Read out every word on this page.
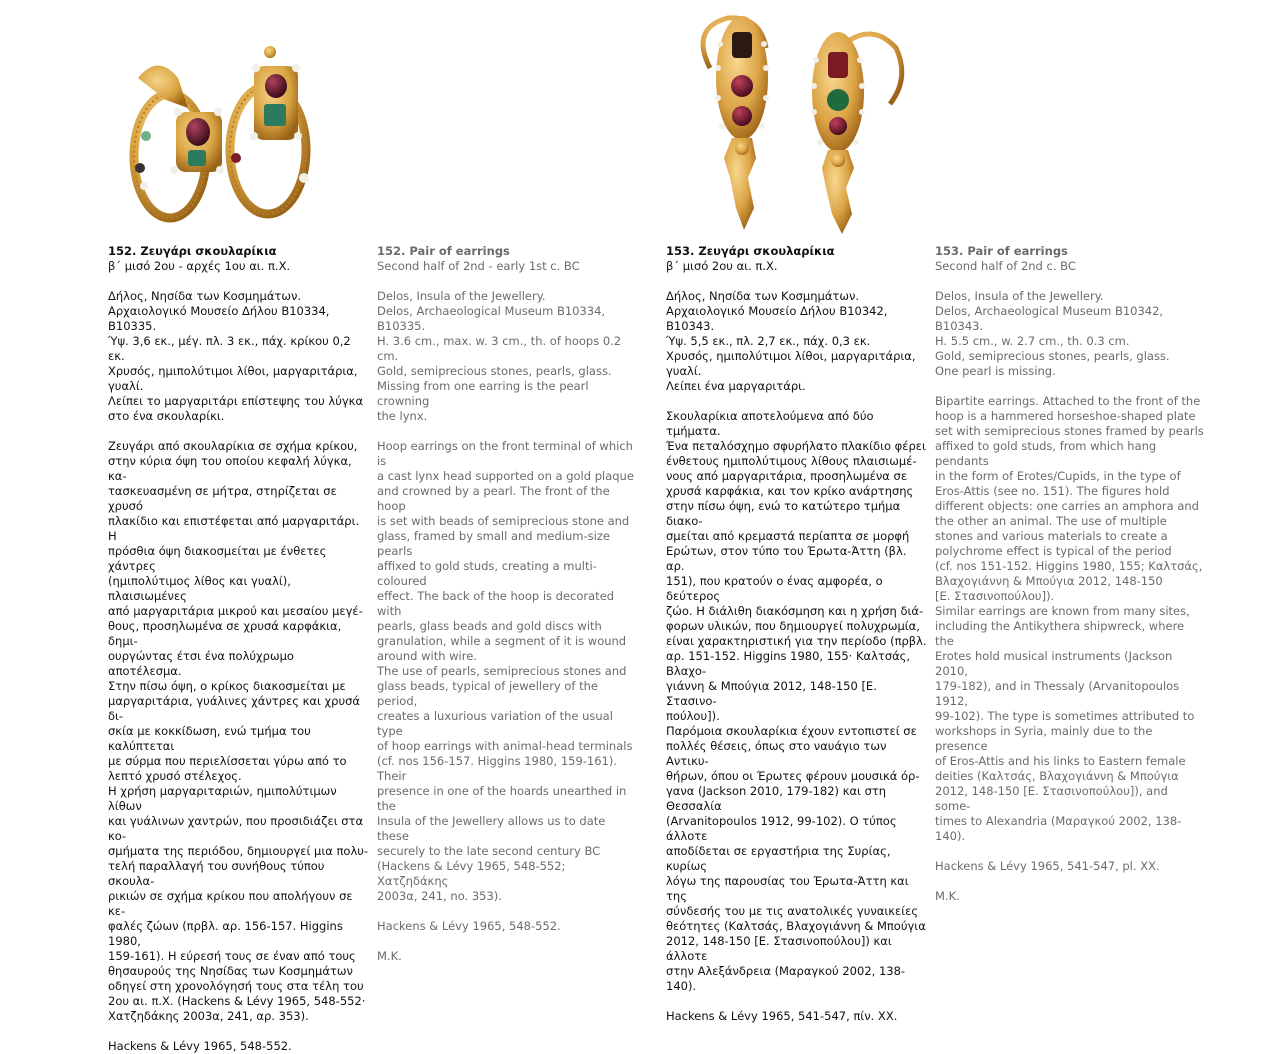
152. Ζευγάρι σκουλαρίκια
β΄ μισό 2ου - αρχές 1ου αι. π.Χ.
Δήλος, Νησίδα των Κοσμημάτων.
Αρχαιολογικό Μουσείο Δήλου Β10334, Β10335.
Ύψ. 3,6 εκ., μέγ. πλ. 3 εκ., πάχ. κρίκου 0,2 εκ.
Χρυσός, ημιπολύτιμοι λίθοι, μαργαριτάρια, γυαλί.
Λείπει το μαργαριτάρι επίστεψης του λύγκα
στο ένα σκουλαρίκι.
Ζευγάρι από σκουλαρίκια σε σχήμα κρίκου,
στην κύρια όψη του οποίου κεφαλή λύγκα, κα-
τασκευασμένη σε μήτρα, στηρίζεται σε χρυσό
πλακίδιο και επιστέφεται από μαργαριτάρι. Η
πρόσθια όψη διακοσμείται με ένθετες χάντρες
(ημιπολύτιμος λίθος και γυαλί), πλαισιωμένες
από μαργαριτάρια μικρού και μεσαίου μεγέ-
θους, προσηλωμένα σε χρυσά καρφάκια, δημι-
ουργώντας έτσι ένα πολύχρωμο αποτέλεσμα.
Στην πίσω όψη, ο κρίκος διακοσμείται με
μαργαριτάρια, γυάλινες χάντρες και χρυσά δι-
σκία με κοκκίδωση, ενώ τμήμα του καλύπτεται
με σύρμα που περιελίσσεται γύρω από το
λεπτό χρυσό στέλεχος.
Η χρήση μαργαριταριών, ημιπολύτιμων λίθων
και γυάλινων χαντρών, που προσιδιάζει στα κο-
σμήματα της περιόδου, δημιουργεί μια πολυ-
τελή παραλλαγή του συνήθους τύπου σκουλα-
ρικιών σε σχήμα κρίκου που απολήγουν σε κε-
φαλές ζώων (πρβλ. αρ. 156-157. Higgins 1980,
159-161). Η εύρεσή τους σε έναν από τους
θησαυρούς της Νησίδας των Κοσμημάτων
οδηγεί στη χρονολόγησή τους στα τέλη του
2ου αι. π.Χ. (Hackens & Lévy 1965, 548-552·
Χατζηδάκης 2003α, 241, αρ. 353).
Hackens & Lévy 1965, 548-552.
152. Pair of earrings
Second half of 2nd - early 1st c. BC
Delos, Insula of the Jewellery.
Delos, Archaeological Museum B10334, B10335.
H. 3.6 cm., max. w. 3 cm., th. of hoops 0.2 cm.
Gold, semiprecious stones, pearls, glass.
Missing from one earring is the pearl crowning
the lynx.
Hoop earrings on the front terminal of which is
a cast lynx head supported on a gold plaque
and crowned by a pearl. The front of the hoop
is set with beads of semiprecious stone and
glass, framed by small and medium-size pearls
affixed to gold studs, creating a multi-coloured
effect. The back of the hoop is decorated with
pearls, glass beads and gold discs with
granulation, while a segment of it is wound
around with wire.
The use of pearls, semiprecious stones and
glass beads, typical of jewellery of the period,
creates a luxurious variation of the usual type
of hoop earrings with animal-head terminals
(cf. nos 156-157. Higgins 1980, 159-161). Their
presence in one of the hoards unearthed in the
Insula of the Jewellery allows us to date these
securely to the late second century BC
(Hackens & Lévy 1965, 548-552; Χατζηδάκης
2003α, 241, no. 353).
Hackens & Lévy 1965, 548-552.
M.K.
153. Ζευγάρι σκουλαρίκια
β΄ μισό 2ου αι. π.Χ.
Δήλος, Νησίδα των Κοσμημάτων.
Αρχαιολογικό Μουσείο Δήλου Β10342, Β10343.
Ύψ. 5,5 εκ., πλ. 2,7 εκ., πάχ. 0,3 εκ.
Χρυσός, ημιπολύτιμοι λίθοι, μαργαριτάρια, γυαλί.
Λείπει ένα μαργαριτάρι.
Σκουλαρίκια αποτελούμενα από δύο τμήματα.
Ένα πεταλόσχημο σφυρήλατο πλακίδιο φέρει
ένθετους ημιπολύτιμους λίθους πλαισιωμέ-
νους από μαργαριτάρια, προσηλωμένα σε
χρυσά καρφάκια, και τον κρίκο ανάρτησης
στην πίσω όψη, ενώ το κατώτερο τμήμα διακο-
σμείται από κρεμαστά περίαπτα σε μορφή
Ερώτων, στον τύπο του Έρωτα-Άττη (βλ. αρ.
151), που κρατούν ο ένας αμφορέα, ο δεύτερος
ζώο. Η διάλιθη διακόσμηση και η χρήση διά-
φορων υλικών, που δημιουργεί πολυχρωμία,
είναι χαρακτηριστική για την περίοδο (πρβλ.
αρ. 151-152. Higgins 1980, 155· Καλτσάς, Βλαχο-
γιάννη & Μπούγια 2012, 148-150 [Ε. Στασινο-
πούλου]).
Παρόμοια σκουλαρίκια έχουν εντοπιστεί σε
πολλές θέσεις, όπως στο ναυάγιο των Αντικυ-
θήρων, όπου οι Έρωτες φέρουν μουσικά όρ-
γανα (Jackson 2010, 179-182) και στη Θεσσαλία
(Arvanitopoulos 1912, 99-102). Ο τύπος άλλοτε
αποδίδεται σε εργαστήρια της Συρίας, κυρίως
λόγω της παρουσίας του Έρωτα-Άττη και της
σύνδεσής του με τις ανατολικές γυναικείες
θεότητες (Καλτσάς, Βλαχογιάννη & Μπούγια
2012, 148-150 [Ε. Στασινοπούλου]) και άλλοτε
στην Αλεξάνδρεια (Μαραγκού 2002, 138-140).
Hackens & Lévy 1965, 541-547, πίν. XX.
153. Pair of earrings
Second half of 2nd c. BC
Delos, Insula of the Jewellery.
Delos, Archaeological Museum B10342, B10343.
H. 5.5 cm., w. 2.7 cm., th. 0.3 cm.
Gold, semiprecious stones, pearls, glass.
One pearl is missing.
Bipartite earrings. Attached to the front of the
hoop is a hammered horseshoe-shaped plate
set with semiprecious stones framed by pearls
affixed to gold studs, from which hang pendants
in the form of Erotes/Cupids, in the type of
Eros-Attis (see no. 151). The figures hold
different objects: one carries an amphora and
the other an animal. The use of multiple
stones and various materials to create a
polychrome effect is typical of the period
(cf. nos 151-152. Higgins 1980, 155; Καλτσάς,
Βλαχογιάννη & Μπούγια 2012, 148-150
[Ε. Στασινοπούλου]).
Similar earrings are known from many sites,
including the Antikythera shipwreck, where the
Erotes hold musical instruments (Jackson 2010,
179-182), and in Thessaly (Arvanitopoulos 1912,
99-102). The type is sometimes attributed to
workshops in Syria, mainly due to the presence
of Eros-Attis and his links to Eastern female
deities (Καλτσάς, Βλαχογιάννη & Μπούγια
2012, 148-150 [Ε. Στασινοπούλου]), and some-
times to Alexandria (Μαραγκού 2002, 138-140).
Hackens & Lévy 1965, 541-547, pl. XX.
M.K.
